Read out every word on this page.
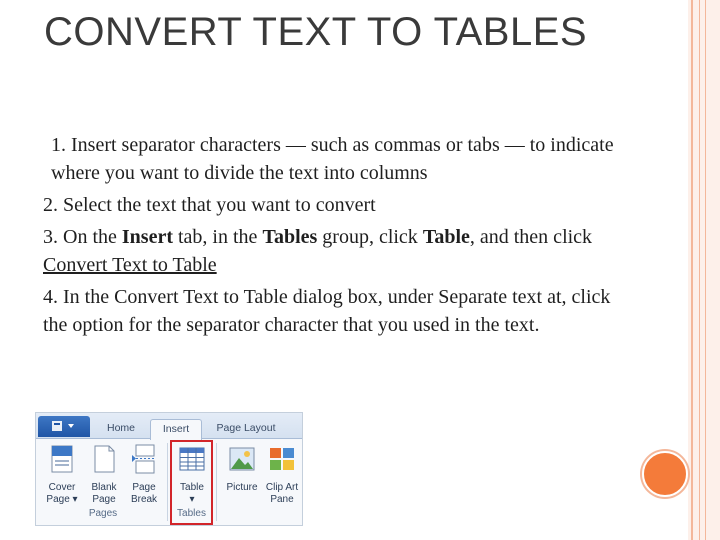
CONVERT TEXT TO TABLES

1. Insert separator characters — such as commas or tabs — to indicate where you want to divide the text into columns

2. Select the text that you want to convert

3. On the Insert tab, in the Tables group, click Table, and then click Convert Text to Table

4. In the Convert Text to Table dialog box, under Separate text at, click the option for the separator character that you used in the text.

Home	Insert	Page Layout
Cover
Page ▾
Blank
Page
Page
Break
Pages
Table
▾
Tables
Picture Clip Art
Pane
